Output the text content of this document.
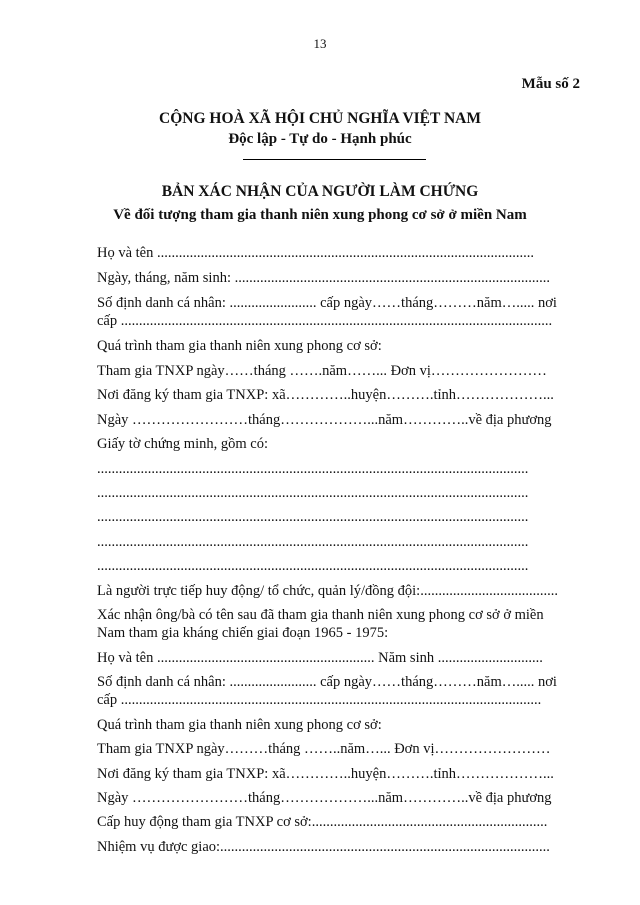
13
Mẫu số 2
CỘNG HOÀ XÃ HỘI CHỦ NGHĨA VIỆT NAM
Độc lập - Tự do - Hạnh phúc
BẢN XÁC NHẬN CỦA NGƯỜI LÀM CHỨNG
Về đối tượng tham gia thanh niên xung phong cơ sở ở miền Nam
Họ và tên ........................................................................................................
Ngày, tháng, năm sinh: .......................................................................................
Số định danh cá nhân: ........................ cấp ngày……tháng………năm…..... nơi
cấp .......................................................................................................................
Quá trình tham gia thanh niên xung phong cơ sở:
Tham gia TNXP ngày……tháng …….năm……... Đơn vị……………………
Nơi đăng ký tham gia TNXP: xã…………..huyện……….tỉnh………………...
Ngày ……………………tháng………………...năm…………..về địa phương
Giấy tờ chứng minh, gồm có:
.......................................................................................................................
.......................................................................................................................
.......................................................................................................................
.......................................................................................................................
.......................................................................................................................
Là người trực tiếp huy động/ tổ chức, quản lý/đồng đội:......................................
Xác nhận ông/bà có tên sau đã tham gia thanh niên xung phong cơ sở ở miền
Nam tham gia kháng chiến giai đoạn 1965 - 1975:
Họ và tên ............................................................ Năm sinh .............................
Số định danh cá nhân: ........................ cấp ngày……tháng………năm…..... nơi
cấp ....................................................................................................................
Quá trình tham gia thanh niên xung phong cơ sở:
Tham gia TNXP ngày………tháng ……..năm…... Đơn vị……………………
Nơi đăng ký tham gia TNXP: xã…………..huyện……….tỉnh………………...
Ngày ……………………tháng………………...năm…………..về địa phương
Cấp huy động tham gia TNXP cơ sở:.................................................................
Nhiệm vụ được giao:...........................................................................................
